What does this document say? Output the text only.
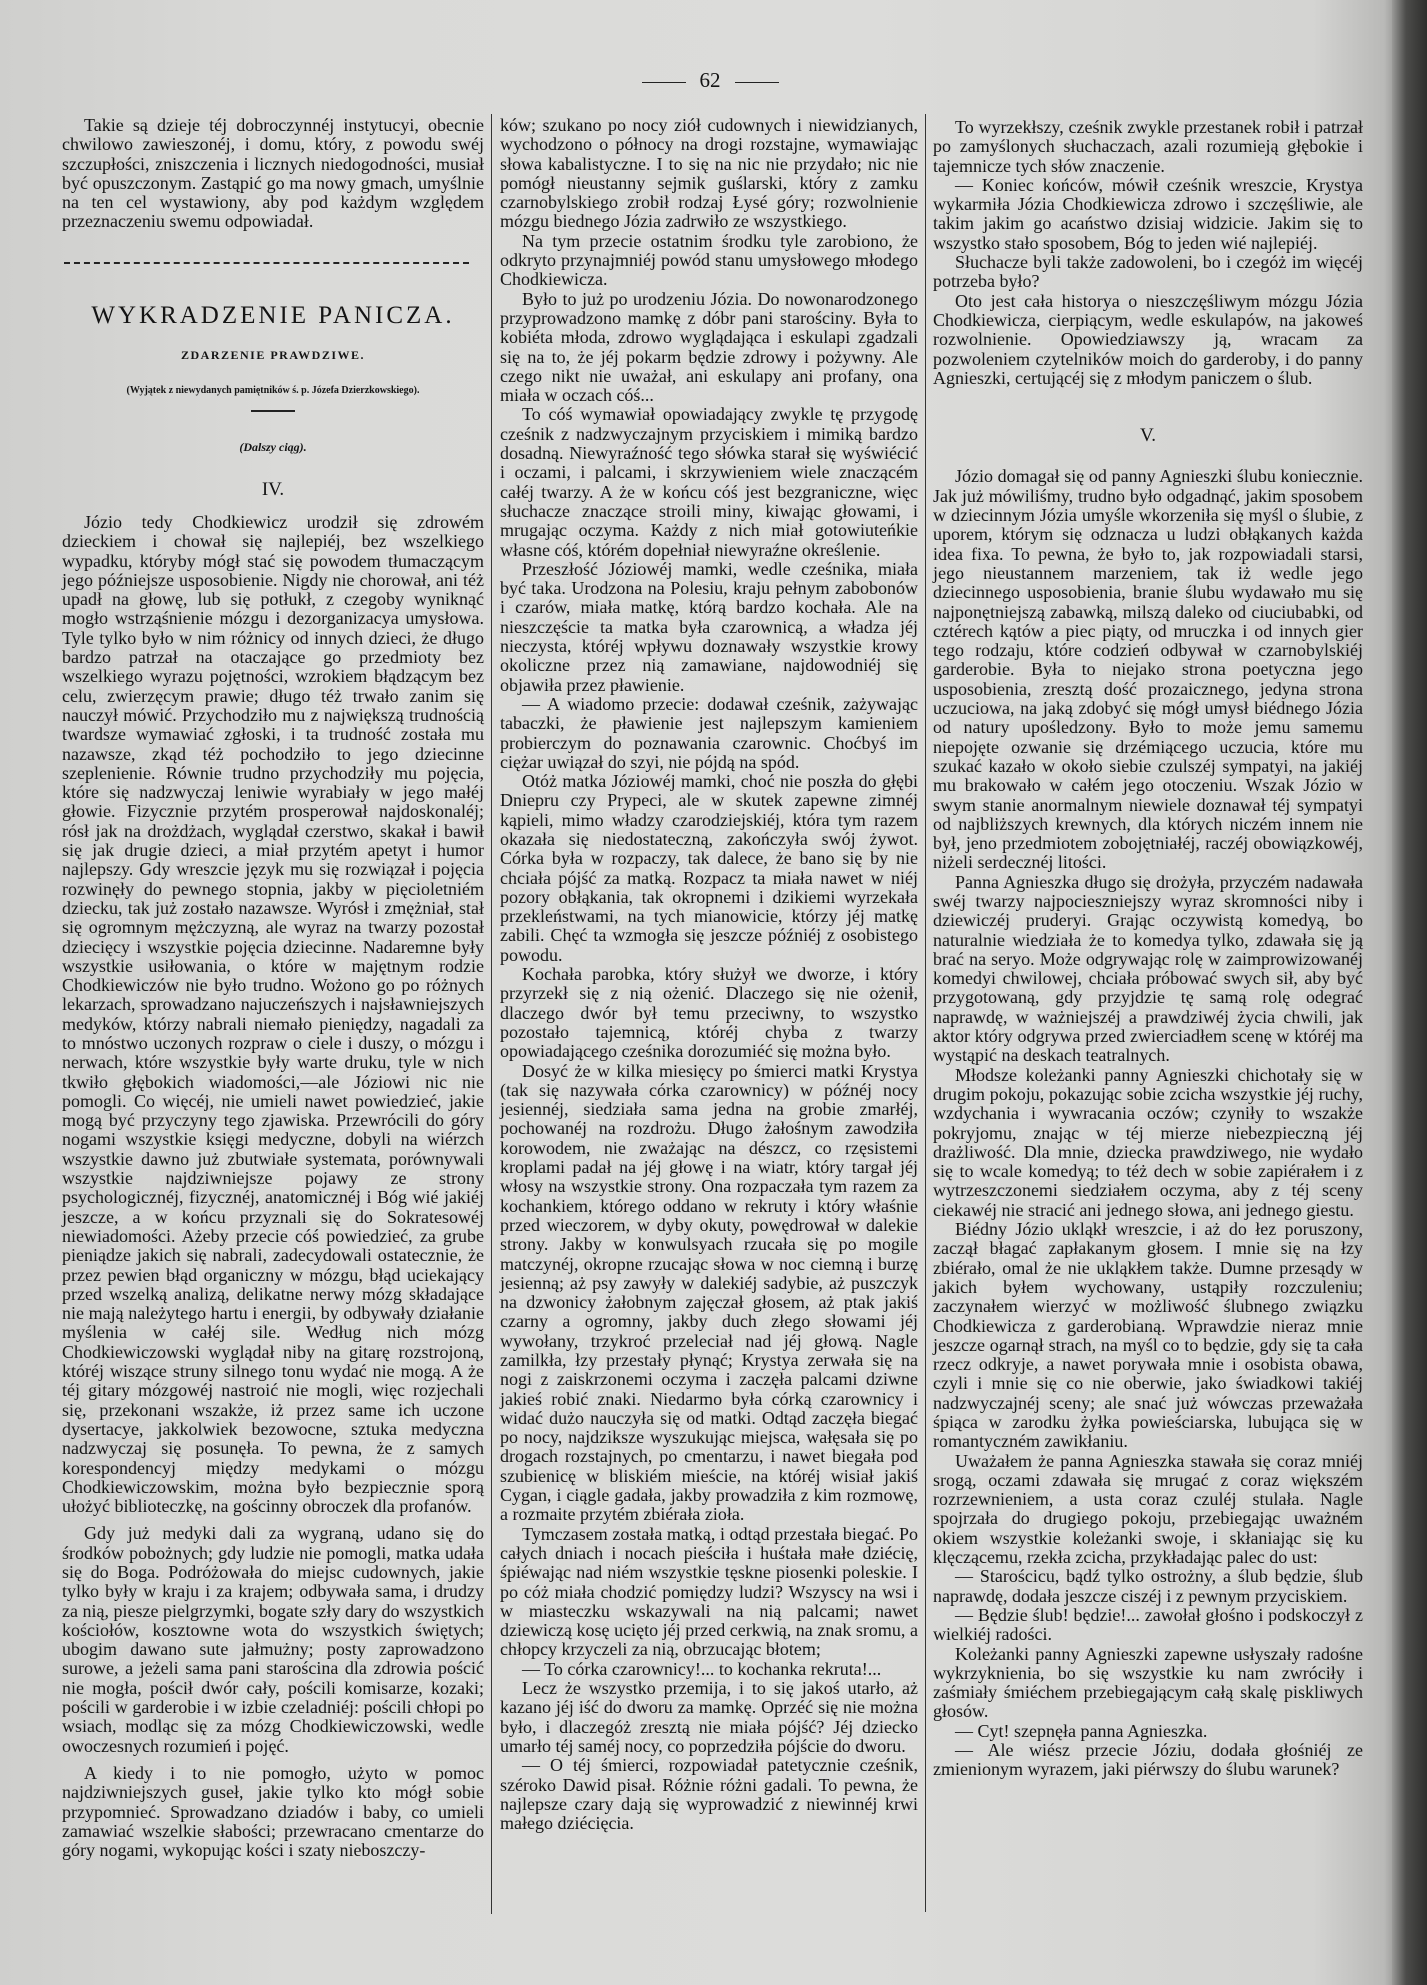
62

Takie są dzieje téj dobroczynnéj instytucyi, obecnie chwilowo zawieszonéj, i domu, który, z powodu swéj szczupłości, zniszczenia i licznych niedogodności, musiał być opuszczonym. Zastąpić go ma nowy gmach, umyślnie na ten cel wystawiony, aby pod każdym względem przeznaczeniu swemu odpowiadał.

WYKRADZENIE PANICZA.
ZDARZENIE PRAWDZIWE.
(Wyjątek z niewydanych pamiętników ś. p. Józefa Dzierzkowskiego).
(Dalszy ciąg).
IV.

Józio tedy Chodkiewicz urodził się zdrowém dzieckiem i chował się najlepiéj, bez wszelkiego wypadku, któryby mógł stać się powodem tłumaczącym jego późniejsze usposobienie. Nigdy nie chorował, ani téż upadł na głowę, lub się potłukł, z czegoby wyniknąć mogło wstrząśnienie mózgu i dezorganizacya umysłowa. Tyle tylko było w nim różnicy od innych dzieci, że długo bardzo patrzał na otaczające go przedmioty bez wszelkiego wyrazu pojętności, wzrokiem błądzącym bez celu, zwierzęcym prawie; długo téż trwało zanim się nauczył mówić. Przychodziło mu z największą trudnością twardsze wymawiać zgłoski, i ta trudność została mu nazawsze, zkąd téż pochodziło to jego dziecinne szeplenienie. Równie trudno przychodziły mu pojęcia, które się nadzwyczaj leniwie wyrabiały w jego małéj głowie. Fizycznie przytém prosperował najdoskonaléj; rósł jak na drożdżach, wyglądał czerstwo, skakał i bawił się jak drugie dzieci, a miał przytém apetyt i humor najlepszy. Gdy wreszcie język mu się rozwiązał i pojęcia rozwinęły do pewnego stopnia, jakby w pięcioletniém dziecku, tak już zostało nazawsze. Wyrósł i zmężniał, stał się ogromnym mężczyzną, ale wyraz na twarzy pozostał dziecięcy i wszystkie pojęcia dziecinne. Nadaremne były wszystkie usiłowania, o które w majętnym rodzie Chodkiewiczów nie było trudno. Wożono go po różnych lekarzach, sprowadzano najuczeńszych i najsławniejszych medyków, którzy nabrali niemało pieniędzy, nagadali za to mnóstwo uczonych rozpraw o ciele i duszy, o mózgu i nerwach, które wszystkie były warte druku, tyle w nich tkwiło głębokich wiadomości,—ale Józiowi nic nie pomogli. Co więcéj, nie umieli nawet powiedzieć, jakie mogą być przyczyny tego zjawiska. Przewrócili do góry nogami wszystkie księgi medyczne, dobyli na wiérzch wszystkie dawno już zbutwiałe systemata, porównywali wszystkie najdziwniejsze pojawy ze strony psychologicznéj, fizycznéj, anatomicznéj i Bóg wié jakiéj jeszcze, a w końcu przyznali się do Sokratesowéj niewiadomości. Ażeby przecie cóś powiedzieć, za grube pieniądze jakich się nabrali, zadecydowali ostatecznie, że przez pewien błąd organiczny w mózgu, błąd uciekający przed wszelką analizą, delikatne nerwy mózg składające nie mają należytego hartu i energii, by odbywały działanie myślenia w całéj sile. Według nich mózg Chodkiewiczowski wyglądał niby na gitarę rozstrojoną, któréj wiszące struny silnego tonu wydać nie mogą. A że téj gitary mózgowéj nastroić nie mogli, więc rozjechali się, przekonani wszakże, iż przez same ich uczone dysertacye, jakkolwiek bezowocne, sztuka medyczna nadzwyczaj się posunęła. To pewna, że z samych korespondencyj między medykami o mózgu Chodkiewiczowskim, można było bezpiecznie sporą ułożyć biblioteczkę, na gościnny obroczek dla profanów.

Gdy już medyki dali za wygraną, udano się do środków pobożnych; gdy ludzie nie pomogli, matka udała się do Boga. Podróżowała do miejsc cudownych, jakie tylko były w kraju i za krajem; odbywała sama, i drudzy za nią, piesze pielgrzymki, bogate szły dary do wszystkich kościołów, kosztowne wota do wszystkich świętych; ubogim dawano sute jałmużny; posty zaprowadzono surowe, a jeżeli sama pani starościna dla zdrowia pościć nie mogła, pościł dwór cały, pościli komisarze, kozaki; pościli w garderobie i w izbie czeladniéj: pościli chłopi po wsiach, modląc się za mózg Chodkiewiczowski, wedle owoczesnych rozumień i pojęć.

A kiedy i to nie pomogło, użyto w pomoc najdziwniejszych guseł, jakie tylko kto mógł sobie przypomnieć. Sprowadzano dziadów i baby, co umieli zamawiać wszelkie słabości; przewracano cmentarze do góry nogami, wykopując kości i szaty nieboszczy-

ków; szukano po nocy ziół cudownych i niewidzianych, wychodzono o północy na drogi rozstajne, wymawiając słowa kabalistyczne. I to się na nic nie przydało; nic nie pomógł nieustanny sejmik guślarski, który z zamku czarnobylskiego zrobił rodzaj Łysé góry; rozwolnienie mózgu biednego Józia zadrwiło ze wszystkiego.

Na tym przecie ostatnim środku tyle zarobiono, że odkryto przynajmniéj powód stanu umysłowego młodego Chodkiewicza.

Było to już po urodzeniu Józia. Do nowonarodzonego przyprowadzono mamkę z dóbr pani starościny. Była to kobiéta młoda, zdrowo wyglądająca i eskulapi zgadzali się na to, że jéj pokarm będzie zdrowy i pożywny. Ale czego nikt nie uważał, ani eskulapy ani profany, ona miała w oczach cóś...

To cóś wymawiał opowiadający zwykle tę przygodę cześnik z nadzwyczajnym przyciskiem i mimiką bardzo dosadną. Niewyraźność tego słówka starał się wyświécić i oczami, i palcami, i skrzywieniem wiele znaczącém całéj twarzy. A że w końcu cóś jest bezgraniczne, więc słuchacze znaczące stroili miny, kiwając głowami, i mrugając oczyma. Każdy z nich miał gotowiuteńkie własne cóś, którém dopełniał niewyraźne określenie.

Przeszłość Józiowéj mamki, wedle cześnika, miała być taka. Urodzona na Polesiu, kraju pełnym zabobonów i czarów, miała matkę, którą bardzo kochała. Ale na nieszczęście ta matka była czarownicą, a władza jéj nieczysta, któréj wpływu doznawały wszystkie krowy okoliczne przez nią zamawiane, najdowodniéj się objawiła przez pławienie.

— A wiadomo przecie: dodawał cześnik, zażywając tabaczki, że pławienie jest najlepszym kamieniem probierczym do poznawania czarownic. Choćbyś im ciężar uwiązał do szyi, nie pójdą na spód.

Otóż matka Józiowéj mamki, choć nie poszła do głębi Dniepru czy Prypeci, ale w skutek zapewne zimnéj kąpieli, mimo władzy czarodziejskiéj, która tym razem okazała się niedostateczną, zakończyła swój żywot. Córka była w rozpaczy, tak dalece, że bano się by nie chciała pójść za matką. Rozpacz ta miała nawet w niéj pozory obłąkania, tak okropnemi i dzikiemi wyrzekała przekleństwami, na tych mianowicie, którzy jéj matkę zabili. Chęć ta wzmogła się jeszcze późniéj z osobistego powodu.

Kochała parobka, który służył we dworze, i który przyrzekł się z nią ożenić. Dlaczego się nie ożenił, dlaczego dwór był temu przeciwny, to wszystko pozostało tajemnicą, któréj chyba z twarzy opowiadającego cześnika dorozumiéć się można było.

Dosyć że w kilka miesięcy po śmierci matki Krystya (tak się nazywała córka czarownicy) w późnéj nocy jesiennéj, siedziała sama jedna na grobie zmarłéj, pochowanéj na rozdrożu. Długo żałośnym zawodziła korowodem, nie zważając na dészcz, co rzęsistemi kroplami padał na jéj głowę i na wiatr, który targał jéj włosy na wszystkie strony. Ona rozpaczała tym razem za kochankiem, którego oddano w rekruty i który właśnie przed wieczorem, w dyby okuty, powędrował w dalekie strony. Jakby w konwulsyach rzucała się po mogile matczynéj, okropne rzucając słowa w noc ciemną i burzę jesienną; aż psy zawyły w dalekiéj sadybie, aż puszczyk na dzwonicy żałobnym zajęczał głosem, aż ptak jakiś czarny a ogromny, jakby duch złego słowami jéj wywołany, trzykroć przeleciał nad jéj głową. Nagle zamilkła, łzy przestały płynąć; Krystya zerwała się na nogi z zaiskrzonemi oczyma i zaczęła palcami dziwne jakieś robić znaki. Niedarmo była córką czarownicy i widać dużo nauczyła się od matki. Odtąd zaczęła biegać po nocy, najdziksze wyszukując miejsca, wałęsała się po drogach rozstajnych, po cmentarzu, i nawet biegała pod szubienicę w bliskiém mieście, na któréj wisiał jakiś Cygan, i ciągle gadała, jakby prowadziła z kim rozmowę, a rozmaite przytém zbiérała zioła.

Tymczasem została matką, i odtąd przestała biegać. Po całych dniach i nocach pieściła i huśtała małe dziécię, śpiéwając nad niém wszystkie tęskne piosenki poleskie. I po cóż miała chodzić pomiędzy ludzi? Wszyscy na wsi i w miasteczku wskazywali na nią palcami; nawet dziewiczą kosę ucięto jéj przed cerkwią, na znak sromu, a chłopcy krzyczeli za nią, obrzucając błotem;

— To córka czarownicy!... to kochanka rekruta!...

Lecz że wszystko przemija, i to się jakoś utarło, aż kazano jéj iść do dworu za mamkę. Oprzéć się nie można było, i dlaczegóż zresztą nie miała pójść? Jéj dziecko umarło téj saméj nocy, co poprzedziła pójście do dworu.

— O téj śmierci, rozpowiadał patetycznie cześnik, széroko Dawid pisał. Różnie różni gadali. To pewna, że najlepsze czary dają się wyprowadzić z niewinnéj krwi małego dziécięcia.

To wyrzekłszy, cześnik zwykle przestanek robił i patrzał po zamyślonych słuchaczach, azali rozumieją głębokie i tajemnicze tych słów znaczenie.

— Koniec końców, mówił cześnik wreszcie, Krystya wykarmiła Józia Chodkiewicza zdrowo i szczęśliwie, ale takim jakim go acaństwo dzisiaj widzicie. Jakim się to wszystko stało sposobem, Bóg to jeden wié najlepiéj.

Słuchacze byli także zadowoleni, bo i czegóż im więcéj potrzeba było?

Oto jest cała historya o nieszczęśliwym mózgu Józia Chodkiewicza, cierpiącym, wedle eskulapów, na jakoweś rozwolnienie. Opowiedziawszy ją, wracam za pozwoleniem czytelników moich do garderoby, i do panny Agnieszki, certującéj się z młodym paniczem o ślub.

V.

Józio domagał się od panny Agnieszki ślubu koniecznie. Jak już mówiliśmy, trudno było odgadnąć, jakim sposobem w dziecinnym Józia umyśle wkorzeniła się myśl o ślubie, z uporem, którym się odznacza u ludzi obłąkanych każda idea fixa. To pewna, że było to, jak rozpowiadali starsi, jego nieustannem marzeniem, tak iż wedle jego dziecinnego usposobienia, branie ślubu wydawało mu się najponętniejszą zabawką, milszą daleko od ciuciubabki, od cztérech kątów a piec piąty, od mruczka i od innych gier tego rodzaju, które codzień odbywał w czarnobylskiéj garderobie. Była to niejako strona poetyczna jego usposobienia, zresztą dość prozaicznego, jedyna strona uczuciowa, na jaką zdobyć się mógł umysł biédnego Józia od natury upośledzony. Było to może jemu samemu niepojęte ozwanie się drzémiącego uczucia, które mu szukać kazało w około siebie czulszéj sympatyi, na jakiéj mu brakowało w całém jego otoczeniu. Wszak Józio w swym stanie anormalnym niewiele doznawał téj sympatyi od najbliższych krewnych, dla których niczém innem nie był, jeno przedmiotem zobojętniałéj, raczéj obowiązkowéj, niżeli serdecznéj litości.

Panna Agnieszka długo się drożyła, przyczém nadawała swéj twarzy najpocieszniejszy wyraz skromności niby i dziewiczéj pruderyi. Grając oczywistą komedyą, bo naturalnie wiedziała że to komedya tylko, zdawała się ją brać na seryo. Może odgrywając rolę w zaimprowizowanéj komedyi chwilowej, chciała próbować swych sił, aby być przygotowaną, gdy przyjdzie tę samą rolę odegrać naprawdę, w ważniejszéj a prawdziwéj życia chwili, jak aktor który odgrywa przed zwierciadłem scenę w któréj ma wystąpić na deskach teatralnych.

Młodsze koleżanki panny Agnieszki chichotały się w drugim pokoju, pokazując sobie zcicha wszystkie jéj ruchy, wzdychania i wywracania oczów; czyniły to wszakże pokryjomu, znając w téj mierze niebezpieczną jéj drażliwość. Dla mnie, dziecka prawdziwego, nie wydało się to wcale komedyą; to téż dech w sobie zapiérałem i z wytrzeszczonemi siedziałem oczyma, aby z téj sceny ciekawéj nie stracić ani jednego słowa, ani jednego giestu.

Biédny Józio ukląkł wreszcie, i aż do łez poruszony, zaczął błagać zapłakanym głosem. I mnie się na łzy zbiérało, omal że nie ukląkłem także. Dumne przesądy w jakich byłem wychowany, ustąpiły rozczuleniu; zaczynałem wierzyć w możliwość ślubnego związku Chodkiewicza z garderobianą. Wprawdzie nieraz mnie jeszcze ogarnął strach, na myśl co to będzie, gdy się ta cała rzecz odkryje, a nawet porywała mnie i osobista obawa, czyli i mnie się co nie oberwie, jako świadkowi takiéj nadzwyczajnéj sceny; ale snać już wówczas przeważała śpiąca w zarodku żyłka powieściarska, lubująca się w romantyczném zawikłaniu.

Uważałem że panna Agnieszka stawała się coraz mniéj srogą, oczami zdawała się mrugać z coraz większém rozrzewnieniem, a usta coraz czuléj stulała. Nagle spojrzała do drugiego pokoju, przebiegając uważném okiem wszystkie koleżanki swoje, i skłaniając się ku klęczącemu, rzekła zcicha, przykładając palec do ust:

— Starościcu, bądź tylko ostrożny, a ślub będzie, ślub naprawdę, dodała jeszcze ciszéj i z pewnym przyciskiem.

— Będzie ślub! będzie!... zawołał głośno i podskoczył z wielkiéj radości.

Koleżanki panny Agnieszki zapewne usłyszały radośne wykrzyknienia, bo się wszystkie ku nam zwróciły i zaśmiały śmiéchem przebiegającym całą skalę piskliwych głosów.

— Cyt! szepnęła panna Agnieszka.

— Ale wiész przecie Józiu, dodała głośniéj ze zmienionym wyrazem, jaki piérwszy do ślubu warunek?
